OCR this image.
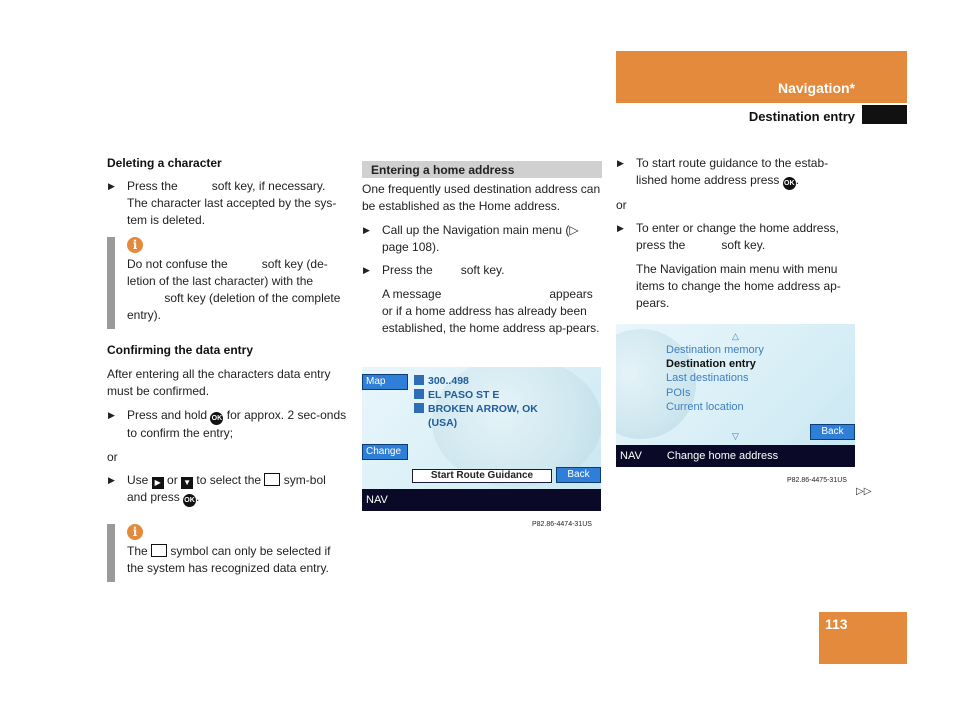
Navigation*
Destination entry
Deleting a character
▶ Press the	soft key, if necessary. The character last accepted by the sys-tem is deleted.
i
Do not confuse the	soft key (de-letion of the last character) with the
soft key (deletion of the complete entry).
Confirming the data entry
After entering all the characters data entry must be confirmed.
▶ Press and hold OK for approx. 2 sec-onds to confirm the entry;
or
▶ Use ▶ or ▼ to select the sym-bol and press OK.
i
The symbol can only be selected if the system has recognized data entry.
Entering a home address
One frequently used destination address can be established as the Home address.
▶ Call up the Navigation main menu (▷ page 108).
▶ Press the soft key.
A message	appears or if a home address has already been established, the home address ap-pears.
Map
Change
300..498
EL PASO ST E
BROKEN ARROW, OK
(USA)
Start Route Guidance	Back
NAV
P82.86-4474-31US
▶ To start route guidance to the estab-lished home address press OK.
or
▶ To enter or change the home address, press the	soft key.
The Navigation main menu with menu items to change the home address ap-pears.
△
Destination memory
Destination entry
Last destinations
POIs
Current location
▽	Back
NAV Change home address
P82.86-4475-31US
▷▷
113
